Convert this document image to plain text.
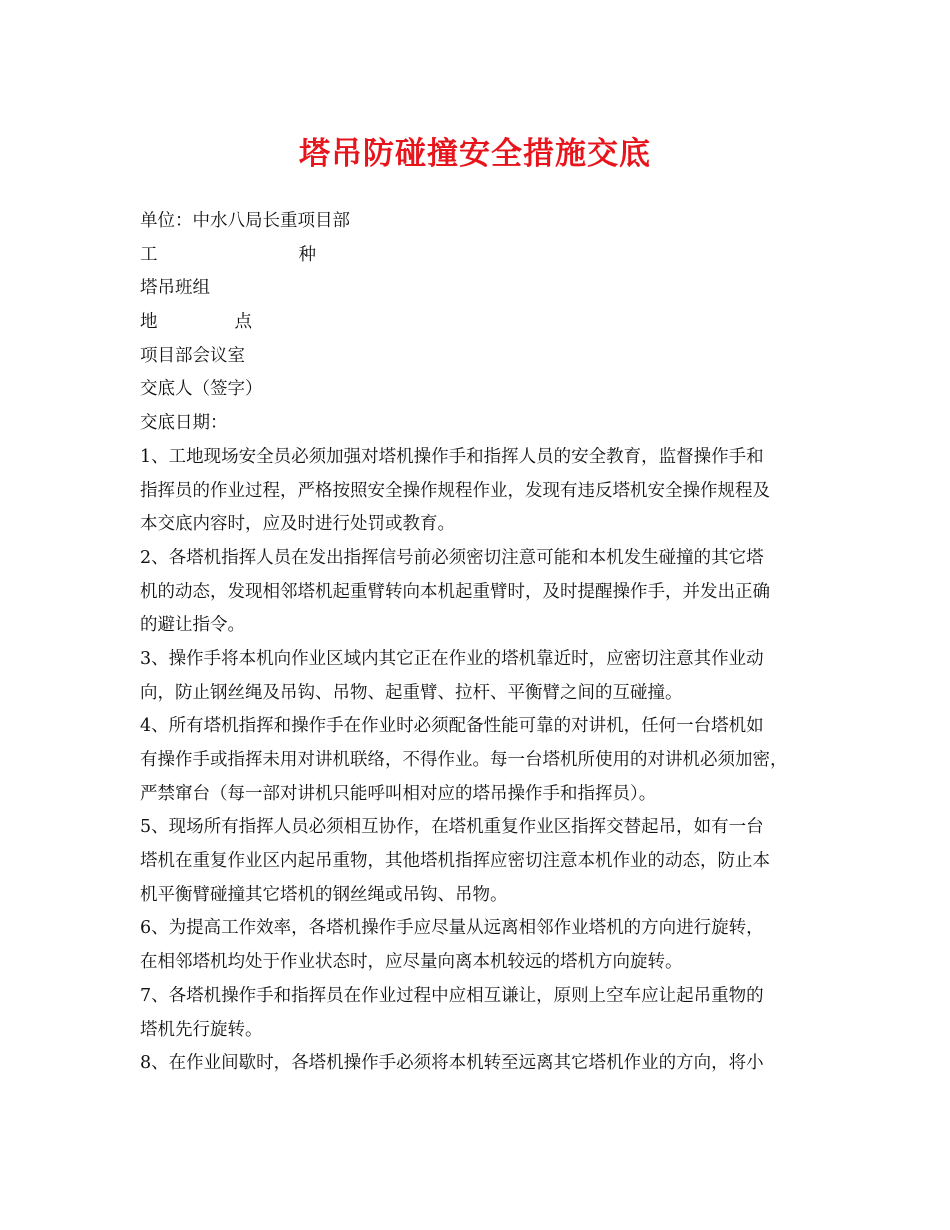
塔吊防碰撞安全措施交底
单位：中水八局长重项目部
工	种
塔吊班组
地	点
项目部会议室
交底人（签字）
交底日期：
1、工地现场安全员必须加强对塔机操作手和指挥人员的安全教育，监督操作手和
指挥员的作业过程，严格按照安全操作规程作业，发现有违反塔机安全操作规程及
本交底内容时，应及时进行处罚或教育。
2、各塔机指挥人员在发出指挥信号前必须密切注意可能和本机发生碰撞的其它塔
机的动态，发现相邻塔机起重臂转向本机起重臂时，及时提醒操作手，并发出正确
的避让指令。
3、操作手将本机向作业区域内其它正在作业的塔机靠近时，应密切注意其作业动
向，防止钢丝绳及吊钩、吊物、起重臂、拉杆、平衡臂之间的互碰撞。
4、所有塔机指挥和操作手在作业时必须配备性能可靠的对讲机，任何一台塔机如
有操作手或指挥未用对讲机联络，不得作业。每一台塔机所使用的对讲机必须加密，
严禁窜台（每一部对讲机只能呼叫相对应的塔吊操作手和指挥员）。
5、现场所有指挥人员必须相互协作，在塔机重复作业区指挥交替起吊，如有一台
塔机在重复作业区内起吊重物，其他塔机指挥应密切注意本机作业的动态，防止本
机平衡臂碰撞其它塔机的钢丝绳或吊钩、吊物。
6、为提高工作效率，各塔机操作手应尽量从远离相邻作业塔机的方向进行旋转，
在相邻塔机均处于作业状态时，应尽量向离本机较远的塔机方向旋转。
7、各塔机操作手和指挥员在作业过程中应相互谦让，原则上空车应让起吊重物的
塔机先行旋转。
8、在作业间歇时，各塔机操作手必须将本机转至远离其它塔机作业的方向，将小
